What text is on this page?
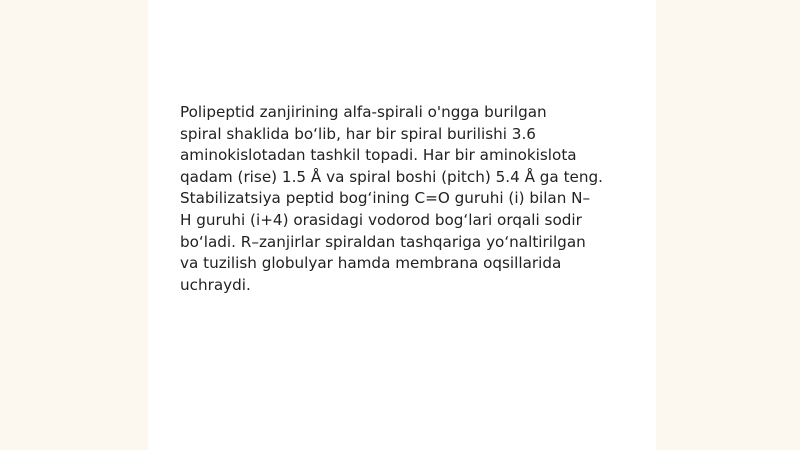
Polipeptid zanjirining alfa-spirali o'ngga burilgan
spiral shaklida bo‘lib, har bir spiral burilishi 3.6
aminokislotadan tashkil topadi. Har bir aminokislota
qadam (rise) 1.5 Å va spiral boshi (pitch) 5.4 Å ga teng.
Stabilizatsiya peptid bog‘ining C=O guruhi (i) bilan N–
H guruhi (i+4) orasidagi vodorod bog‘lari orqali sodir
bo‘ladi. R–zanjirlar spiraldan tashqariga yo‘naltirilgan
va tuzilish globulyar hamda membrana oqsillarida
uchraydi.
